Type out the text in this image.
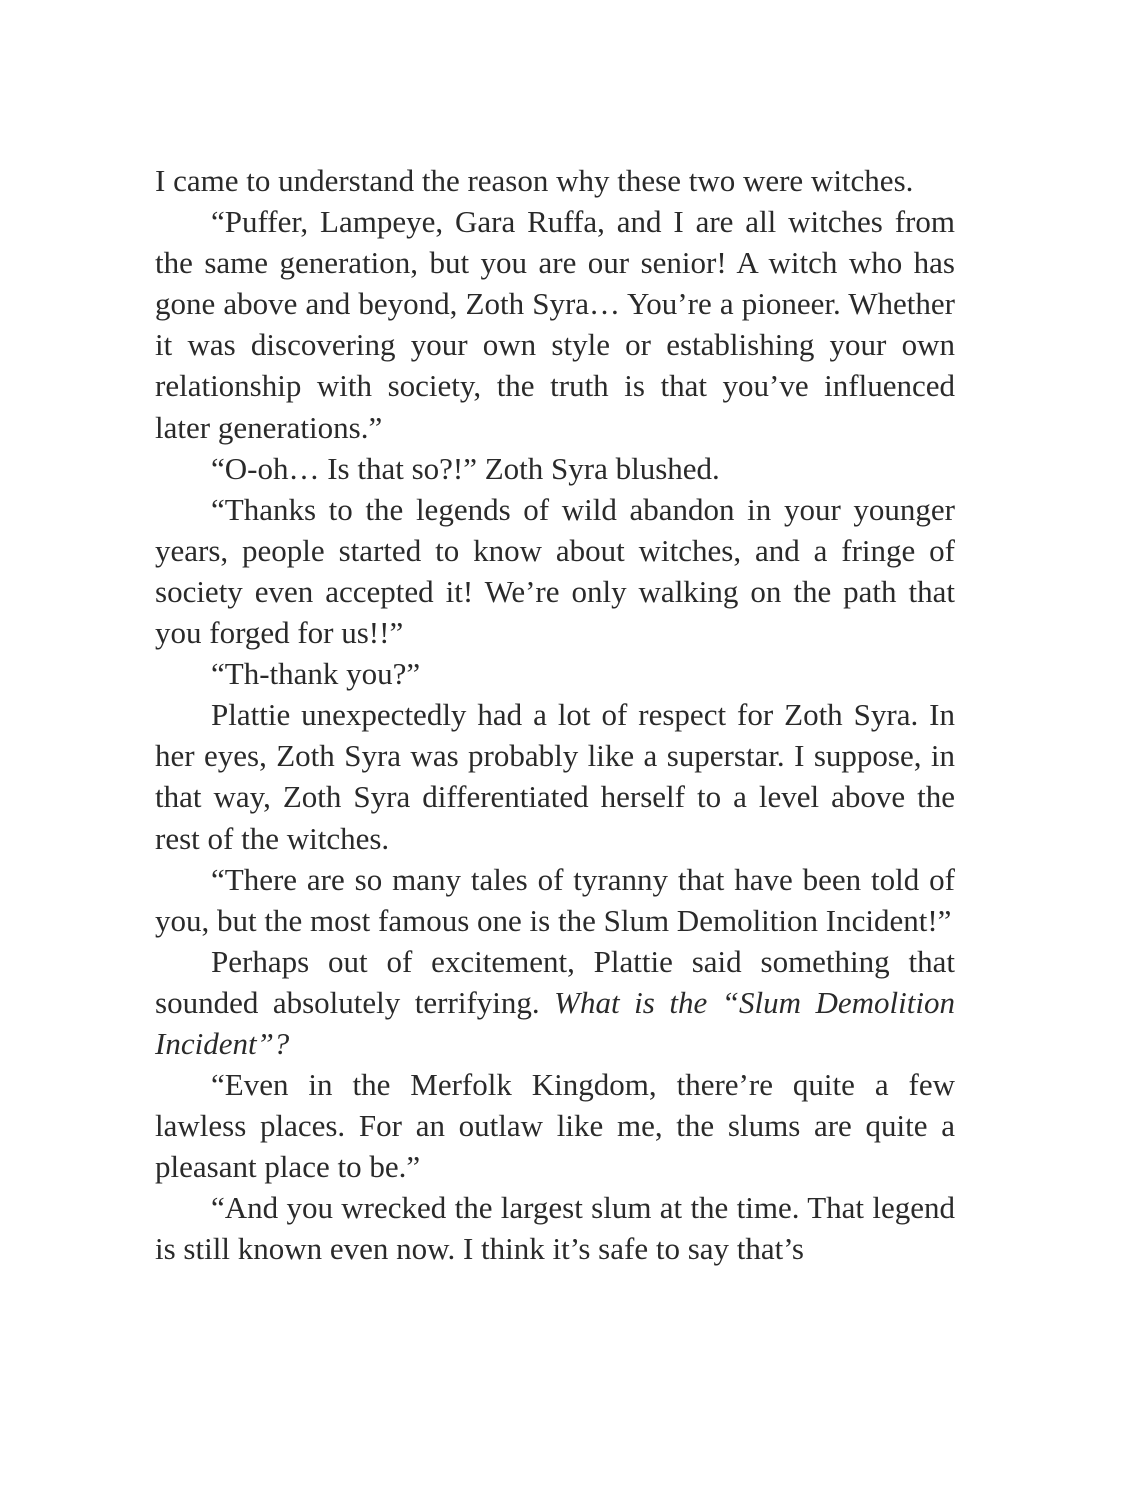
I came to understand the reason why these two were witches.

“Puffer, Lampeye, Gara Ruffa, and I are all witches from the same generation, but you are our senior! A witch who has gone above and beyond, Zoth Syra… You’re a pioneer. Whether it was discovering your own style or establishing your own relationship with society, the truth is that you’ve influenced later generations.”

“O-oh… Is that so?!” Zoth Syra blushed.

“Thanks to the legends of wild abandon in your younger years, people started to know about witches, and a fringe of society even accepted it! We’re only walking on the path that you forged for us!!”

“Th-thank you?”

Plattie unexpectedly had a lot of respect for Zoth Syra. In her eyes, Zoth Syra was probably like a superstar. I suppose, in that way, Zoth Syra differentiated herself to a level above the rest of the witches.

“There are so many tales of tyranny that have been told of you, but the most famous one is the Slum Demolition Incident!”

Perhaps out of excitement, Plattie said something that sounded absolutely terrifying. What is the “Slum Demolition Incident”?

“Even in the Merfolk Kingdom, there’re quite a few lawless places. For an outlaw like me, the slums are quite a pleasant place to be.”

“And you wrecked the largest slum at the time. That legend is still known even now. I think it’s safe to say that’s
